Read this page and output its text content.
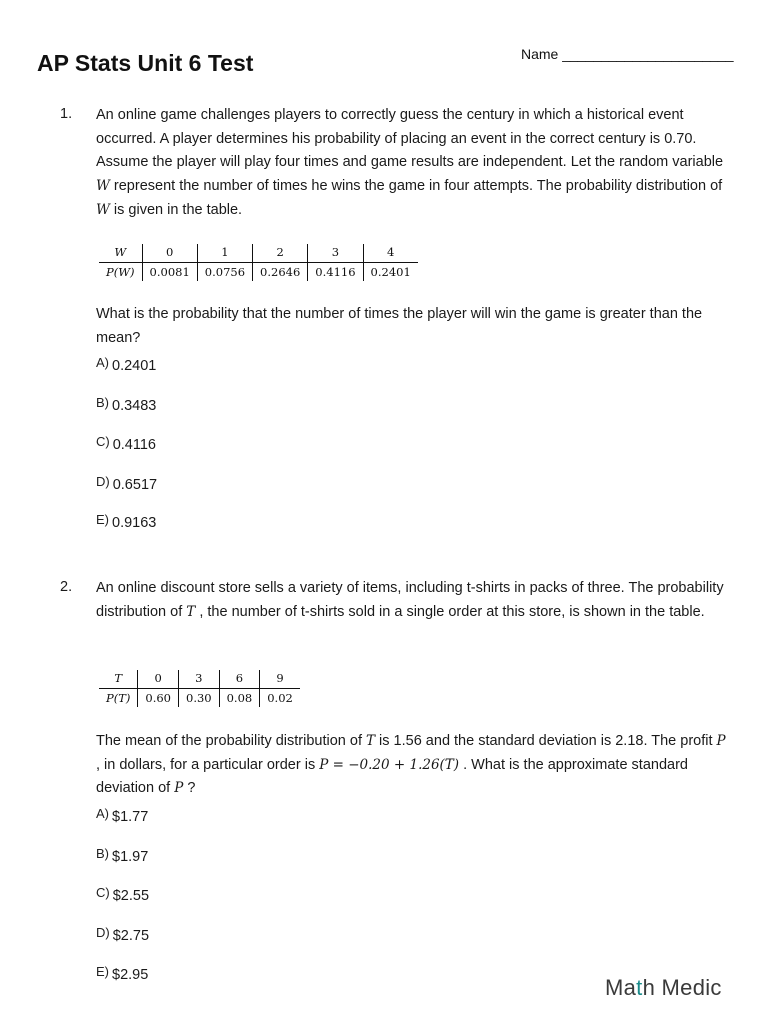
AP Stats Unit 6 Test	Name ______________________
1. An online game challenges players to correctly guess the century in which a historical event occurred. A player determines his probability of placing an event in the correct century is 0.70. Assume the player will play four times and game results are independent. Let the random variable W represent the number of times he wins the game in four attempts. The probability distribution of W is given in the table.
W	0	1	2	3	4
P(W)	0.0081	0.0756	0.2646	0.4116	0.2401
What is the probability that the number of times the player will win the game is greater than the mean?
A) 0.2401
B) 0.3483
C) 0.4116
D) 0.6517
E) 0.9163
2. An online discount store sells a variety of items, including t-shirts in packs of three. The probability distribution of T , the number of t-shirts sold in a single order at this store, is shown in the table.
T	0	3	6	9
P(T)	0.60	0.30	0.08	0.02
The mean of the probability distribution of T is 1.56 and the standard deviation is 2.18. The profit P , in dollars, for a particular order is P = −0.20 + 1.26(T) . What is the approximate standard deviation of P ?
A) $1.77
B) $1.97
C) $2.55
D) $2.75
E) $2.95	Math Medic
